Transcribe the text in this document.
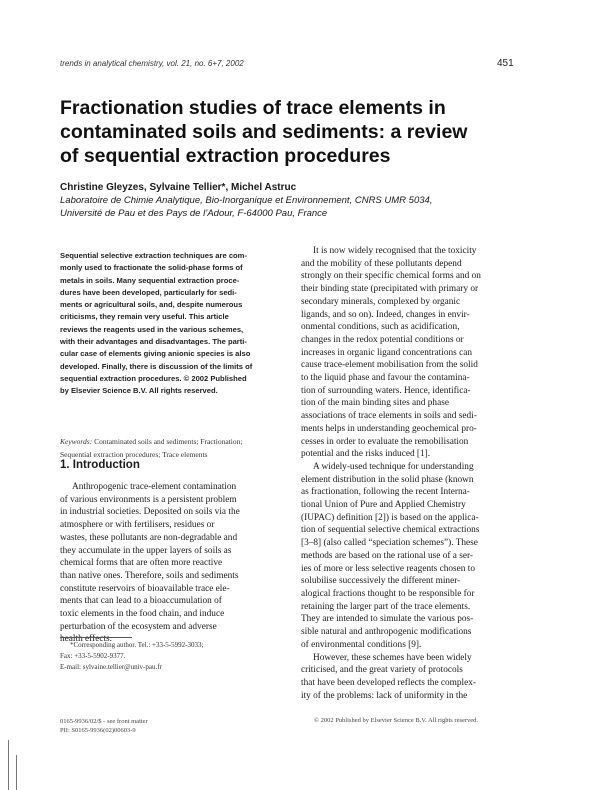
trends in analytical chemistry, vol. 21, no. 6+7, 2002	451
Fractionation studies of trace elements in
contaminated soils and sediments: a review
of sequential extraction procedures
Christine Gleyzes, Sylvaine Tellier*, Michel Astruc
Laboratoire de Chimie Analytique, Bio-Inorganique et Environnement, CNRS UMR 5034,
Université de Pau et des Pays de l’Adour, F-64000 Pau, France
Sequential selective extraction techniques are com-
monly used to fractionate the solid-phase forms of
metals in soils. Many sequential extraction proce-
dures have been developed, particularly for sedi-
ments or agricultural soils, and, despite numerous
criticisms, they remain very useful. This article
reviews the reagents used in the various schemes,
with their advantages and disadvantages. The parti-
cular case of elements giving anionic species is also
developed. Finally, there is discussion of the limits of
sequential extraction procedures. © 2002 Published
by Elsevier Science B.V. All rights reserved.
Keywords: Contaminated soils and sediments; Fractionation;
Sequential extraction procedures; Trace elements
1. Introduction
Anthropogenic trace-element contamination
of various environments is a persistent problem
in industrial societies. Deposited on soils via the
atmosphere or with fertilisers, residues or
wastes, these pollutants are non-degradable and
they accumulate in the upper layers of soils as
chemical forms that are often more reactive
than native ones. Therefore, soils and sediments
constitute reservoirs of bioavailable trace ele-
ments that can lead to a bioaccumulation of
toxic elements in the food chain, and induce
perturbation of the ecosystem and adverse
health effects.
*Corresponding author. Tel.: +33-5-5992-3033;
Fax: +33-5-5902-9377.
E-mail: sylvaine.tellier@univ-pau.fr
It is now widely recognised that the toxicity
and the mobility of these pollutants depend
strongly on their specific chemical forms and on
their binding state (precipitated with primary or
secondary minerals, complexed by organic
ligands, and so on). Indeed, changes in envir-
onmental conditions, such as acidification,
changes in the redox potential conditions or
increases in organic ligand concentrations can
cause trace-element mobilisation from the solid
to the liquid phase and favour the contamina-
tion of surrounding waters. Hence, identifica-
tion of the main binding sites and phase
associations of trace elements in soils and sedi-
ments helps in understanding geochemical pro-
cesses in order to evaluate the remobilisation
potential and the risks induced [1].
A widely-used technique for understanding
element distribution in the solid phase (known
as fractionation, following the recent Interna-
tional Union of Pure and Applied Chemistry
(IUPAC) definition [2]) is based on the applica-
tion of sequential selective chemical extractions
[3–8] (also called “speciation schemes”). These
methods are based on the rational use of a ser-
ies of more or less selective reagents chosen to
solubilise successively the different miner-
alogical fractions thought to be responsible for
retaining the larger part of the trace elements.
They are intended to simulate the various pos-
sible natural and anthropogenic modifications
of environmental conditions [9].
However, these schemes have been widely
criticised, and the great variety of protocols
that have been developed reflects the complex-
ity of the problems: lack of uniformity in the
0165-9936/02/$ - see front matter
PII: S0165-9936(02)00603-9
© 2002 Published by Elsevier Science B.V. All rights reserved.
